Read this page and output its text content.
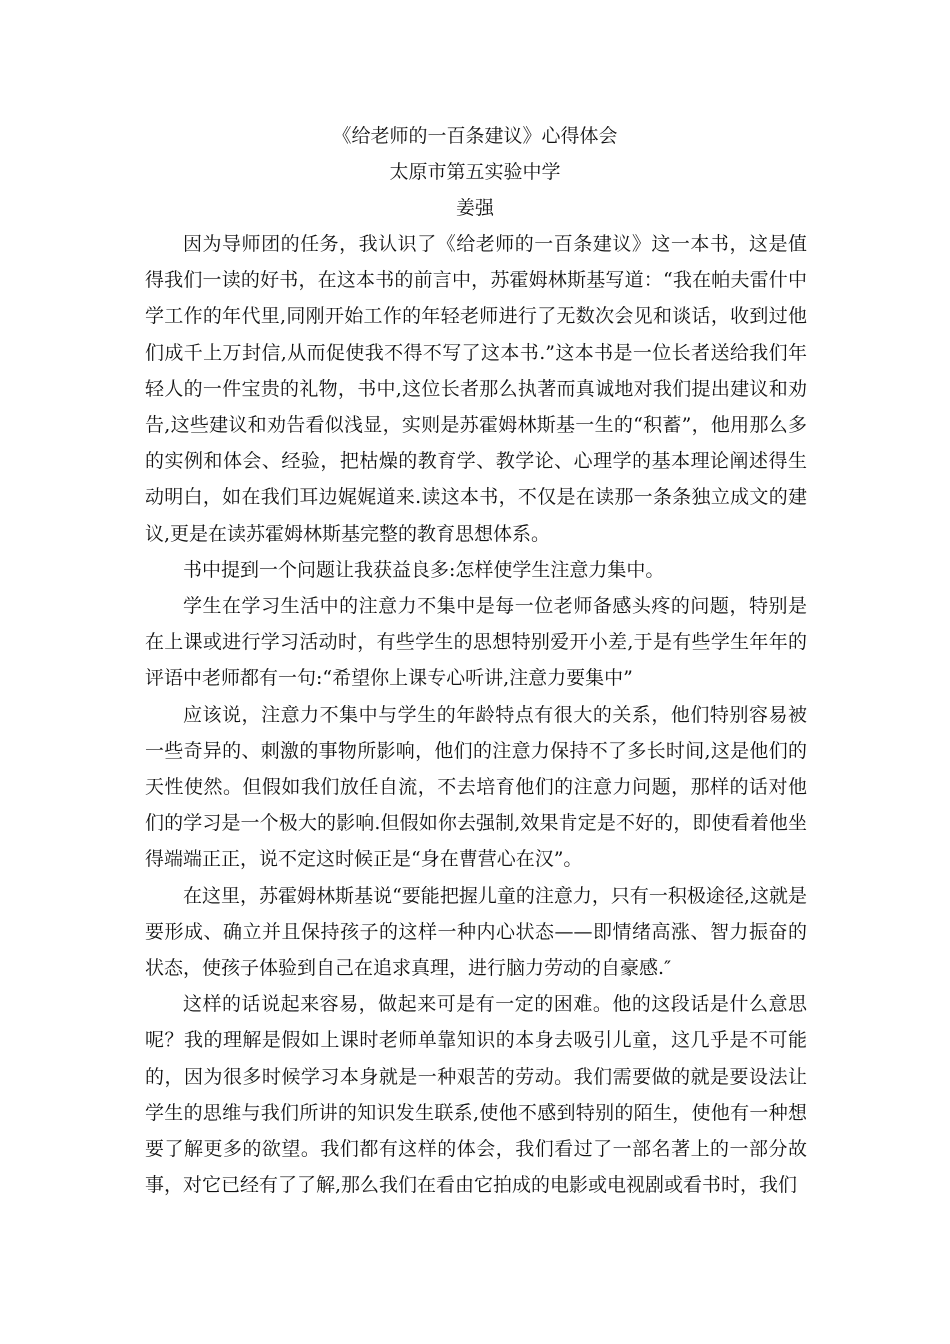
《给老师的一百条建议》心得体会
太原市第五实验中学
姜强

因为导师团的任务，我认识了《给老师的一百条建议》这一本书，这是值得我们一读的好书，在这本书的前言中，苏霍姆林斯基写道：“我在帕夫雷什中学工作的年代里,同刚开始工作的年轻老师进行了无数次会见和谈话，收到过他们成千上万封信,从而促使我不得不写了这本书.”这本书是一位长者送给我们年轻人的一件宝贵的礼物，书中,这位长者那么执著而真诚地对我们提出建议和劝告,这些建议和劝告看似浅显，实则是苏霍姆林斯基一生的“积蓄”，他用那么多的实例和体会、经验，把枯燥的教育学、教学论、心理学的基本理论阐述得生动明白，如在我们耳边娓娓道来.读这本书，不仅是在读那一条条独立成文的建议,更是在读苏霍姆林斯基完整的教育思想体系。

书中提到一个问题让我获益良多:怎样使学生注意力集中。

学生在学习生活中的注意力不集中是每一位老师备感头疼的问题，特别是在上课或进行学习活动时，有些学生的思想特别爱开小差,于是有些学生年年的评语中老师都有一句:“希望你上课专心听讲,注意力要集中”

应该说，注意力不集中与学生的年龄特点有很大的关系，他们特别容易被一些奇异的、刺激的事物所影响，他们的注意力保持不了多长时间,这是他们的天性使然。但假如我们放任自流，不去培育他们的注意力问题，那样的话对他们的学习是一个极大的影响.但假如你去强制,效果肯定是不好的，即使看着他坐得端端正正，说不定这时候正是“身在曹营心在汉”。

在这里，苏霍姆林斯基说“要能把握儿童的注意力，只有一积极途径,这就是要形成、确立并且保持孩子的这样一种内心状态——即情绪高涨、智力振奋的状态，使孩子体验到自己在追求真理，进行脑力劳动的自豪感.″

这样的话说起来容易，做起来可是有一定的困难。他的这段话是什么意思呢？我的理解是假如上课时老师单靠知识的本身去吸引儿童，这几乎是不可能的，因为很多时候学习本身就是一种艰苦的劳动。我们需要做的就是要设法让学生的思维与我们所讲的知识发生联系,使他不感到特别的陌生，使他有一种想要了解更多的欲望。我们都有这样的体会，我们看过了一部名著上的一部分故事，对它已经有了了解,那么我们在看由它拍成的电影或电视剧或看书时，我们
